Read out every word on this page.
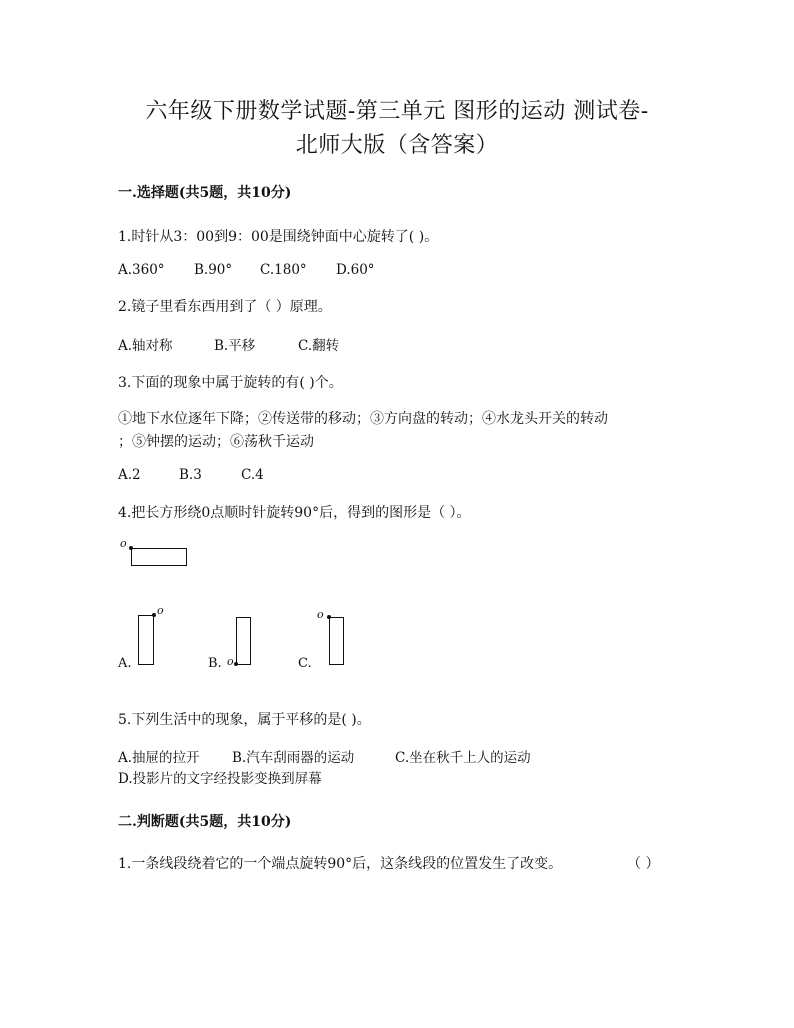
六年级下册数学试题-第三单元 图形的运动 测试卷-
北师大版（含答案）
一.选择题(共5题，共10分)
1.时针从3：00到9：00是围绕钟面中心旋转了( )。
A.360° B.90° C.180° D.60°
2.镜子里看东西用到了（ ）原理。
A.轴对称	B.平移	C.翻转
3.下面的现象中属于旋转的有( )个。
①地下水位逐年下降；②传送带的移动；③方向盘的转动；④水龙头开关的转动
；⑤钟摆的运动；⑥荡秋千运动
A.2	B.3	C.4
4.把长方形绕0点顺时针旋转90°后，得到的图形是（ ）。
o
A.
o
B. o	C.
o
5.下列生活中的现象，属于平移的是( )。
A.抽屉的拉开 B.汽车刮雨器的运动	C.坐在秋千上人的运动
D.投影片的文字经投影变换到屏幕
二.判断题(共5题，共10分)
1.一条线段绕着它的一个端点旋转90°后，这条线段的位置发生了改变。	（ ）
